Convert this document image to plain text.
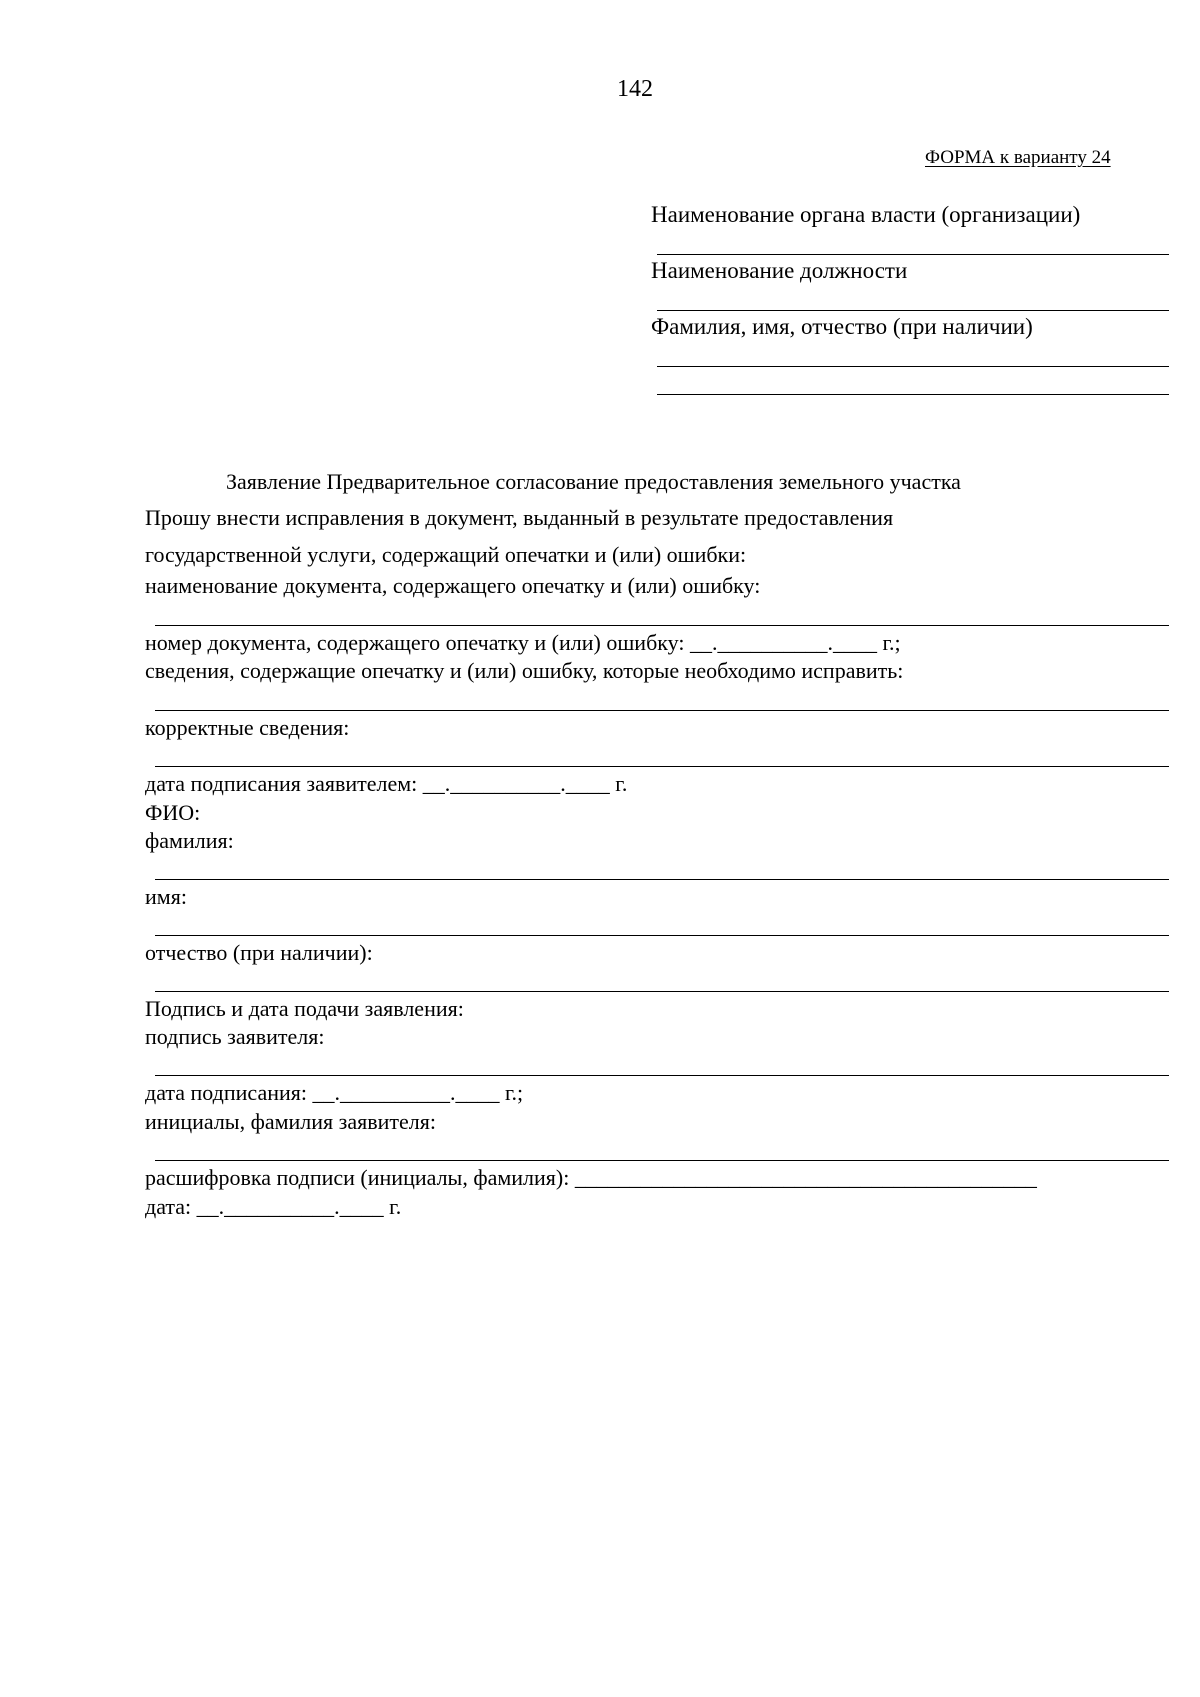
142
ФОРМА к варианту 24
Наименование органа власти (организации)
Наименование должности
Фамилия, имя, отчество (при наличии)
Заявление Предварительное согласование предоставления земельного участка
Прошу внести исправления в документ, выданный в результате предоставления
государственной услуги, содержащий опечатки и (или) ошибки:
наименование документа, содержащего опечатку и (или) ошибку:
номер документа, содержащего опечатку и (или) ошибку: __.__________.____ г.;
сведения, содержащие опечатку и (или) ошибку, которые необходимо исправить:
корректные сведения:
дата подписания заявителем: __.__________.____ г.
ФИО:
фамилия:
имя:
отчество (при наличии):
Подпись и дата подачи заявления:
подпись заявителя:
дата подписания: __.__________.____ г.;
инициалы, фамилия заявителя:
расшифровка подписи (инициалы, фамилия): __________________________________________
дата: __.__________.____ г.
